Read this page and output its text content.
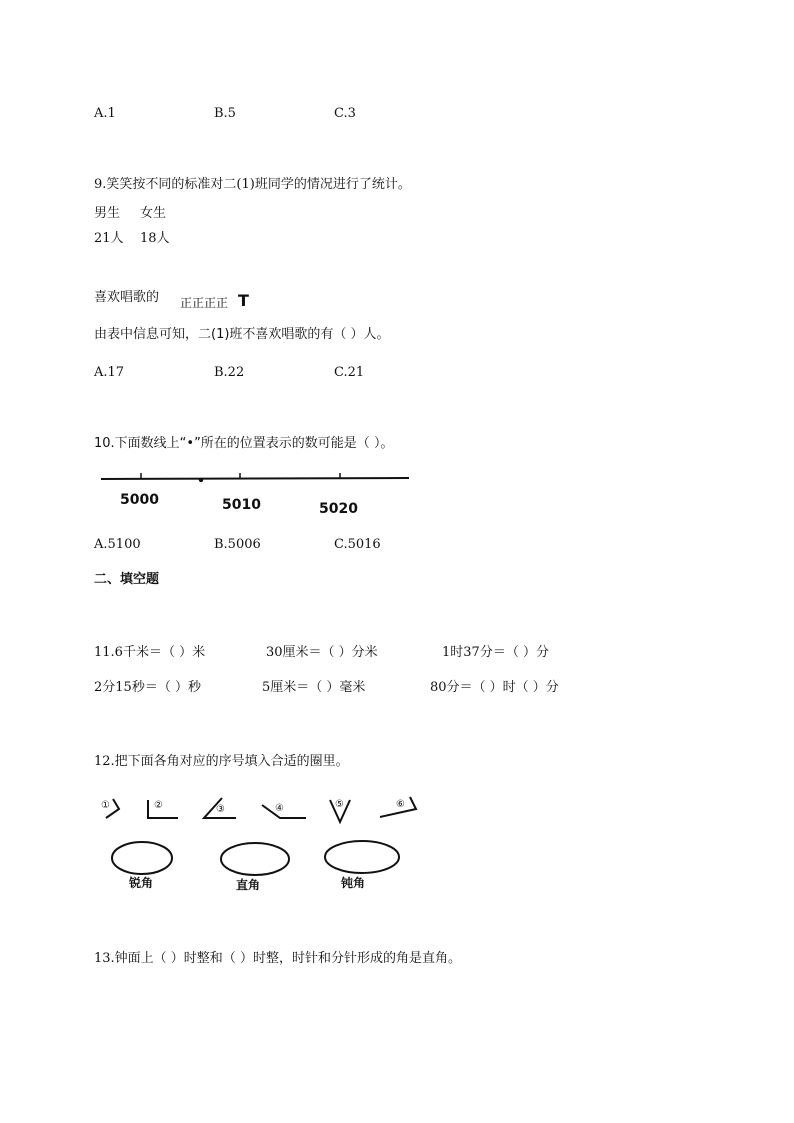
A.1	B.5	C.3
9.笑笑按不同的标准对二(1)班同学的情况进行了统计。
男生 女生
21人 18人
喜欢唱歌的 正正正正 T
由表中信息可知，二(1)班不喜欢唱歌的有（ ）人。
A.17	B.22	C.21
10.下面数线上“•”所在的位置表示的数可能是（ ）。
5000	5010	5020
A.5100	B.5006	C.5016
二、填空题
11.6千米＝（ ）米	30厘米＝（ ）分米	1时37分＝（ ）分
2分15秒＝（ ）秒	5厘米＝（ ）毫米	80分＝（ ）时（ ）分
12.把下面各角对应的序号填入合适的圈里。
①	②	③	④	⑤	⑥
锐角	直角	钝角
13.钟面上（ ）时整和（ ）时整，时针和分针形成的角是直角。
